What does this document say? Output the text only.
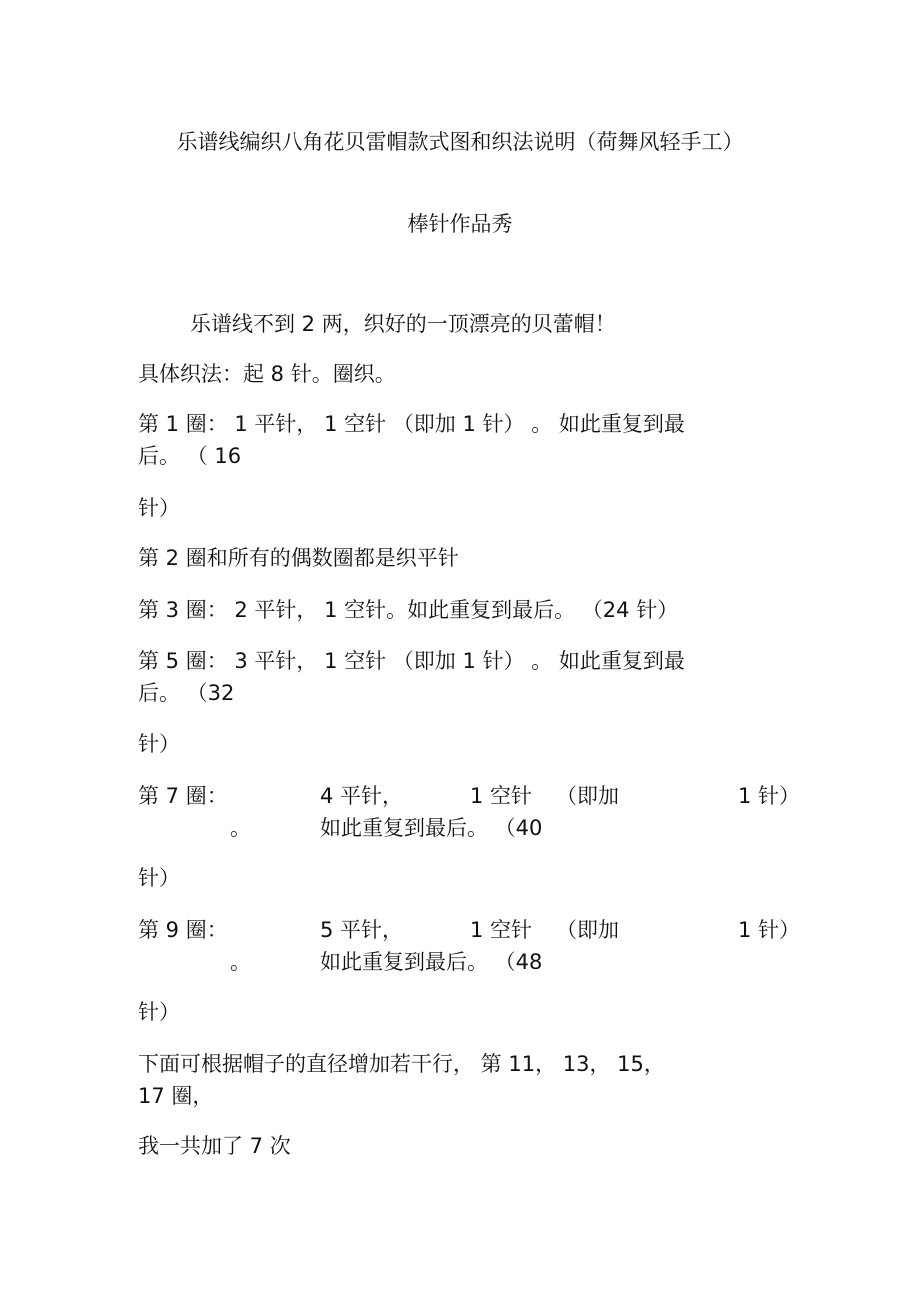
乐谱线编织八角花贝雷帽款式图和织法说明（荷舞风轻手工）
棒针作品秀
乐谱线不到 2 两，织好的一顶漂亮的贝蕾帽！
具体织法：起 8 针。圈织。
第 1 圈： 1 平针， 1 空针 （即加 1 针） 。 如此重复到最
后。 （ 16
针）
第 2 圈和所有的偶数圈都是织平针
第 3 圈： 2 平针， 1 空针。如此重复到最后。 （24 针）
第 5 圈： 3 平针， 1 空针 （即加 1 针） 。 如此重复到最
后。 （32
针）
第 7 圈：	4 平针，	1 空针 （即加	1 针）
。	如此重复到最后。 （40
针）
第 9 圈：	5 平针，	1 空针 （即加	1 针）
。	如此重复到最后。 （48
针）
下面可根据帽子的直径增加若干行， 第 11， 13， 15，
17 圈，
我一共加了 7 次
